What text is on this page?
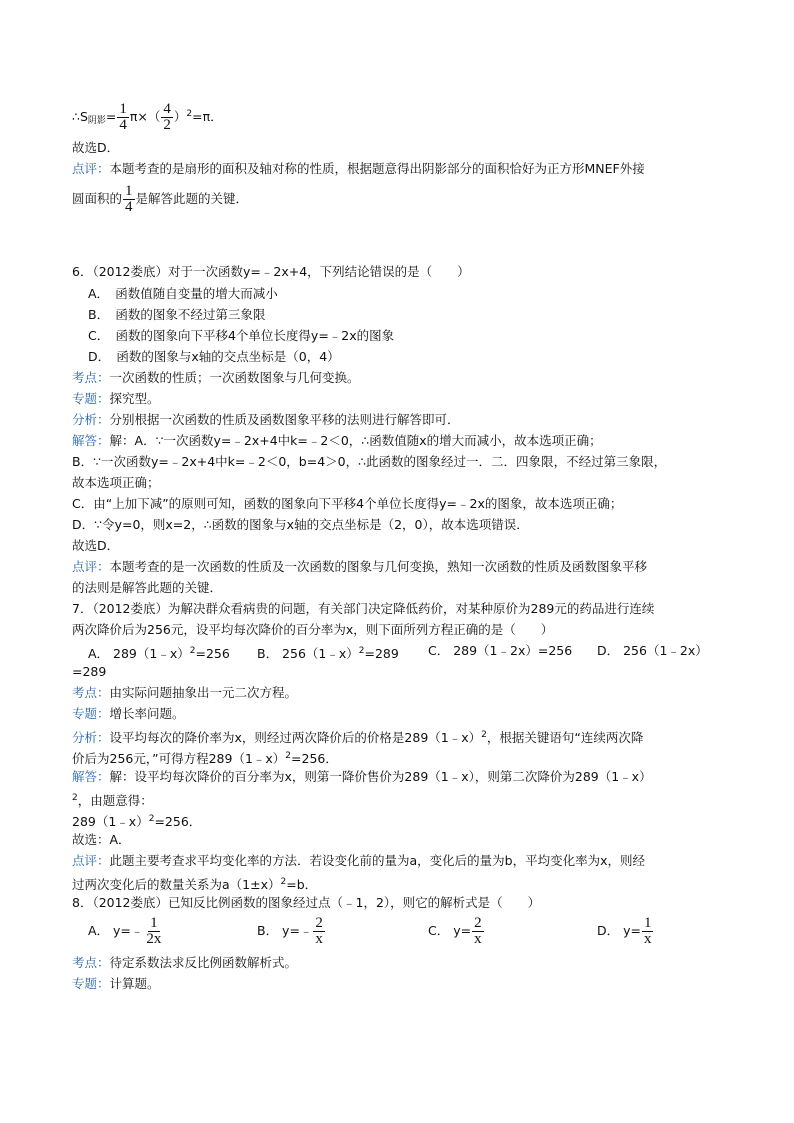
$\therefore S_{阴影}= \frac{1}{4} \pi\times( \frac{4}{2} )^2=\pi$．
故选D．
点评：本题考查的是扇形的面积及轴对称的性质，根据题意得出阴影部分的面积恰好为正方形MNEF外接
圆面积的 $\frac{1}{4}$ 是解答此题的关键．
6．（2012娄底）对于一次函数y=﹣2x+4，下列结论错误的是（　　）
A．　函数值随自变量的增大而减小
B．　函数的图象不经过第三象限
C．　函数的图象向下平移4个单位长度得y=﹣2x的图象
D．　函数的图象与x轴的交点坐标是（0，4）
考点：一次函数的性质；一次函数图象与几何变换。
专题：探究型。
分析：分别根据一次函数的性质及函数图象平移的法则进行解答即可．
解答：解：A．∵一次函数y=﹣2x+4中k=﹣2＜0，∴函数值随x的增大而减小，故本选项正确；
B．∵一次函数y=﹣2x+4中k=﹣2＜0，b=4＞0，∴此函数的图象经过一．二．四象限，不经过第三象限，
故本选项正确；
C．由“上加下减”的原则可知，函数的图象向下平移4个单位长度得y=﹣2x的图象，故本选项正确；
D．∵令y=0，则x=2，∴函数的图象与x轴的交点坐标是（2，0），故本选项错误．
故选D．
点评：本题考查的是一次函数的性质及一次函数的图象与几何变换，熟知一次函数的性质及函数图象平移
的法则是解答此题的关键．
7．（2012娄底）为解决群众看病贵的问题，有关部门决定降低药价，对某种原价为289元的药品进行连续
两次降价后为256元，设平均每次降价的百分率为x，则下面所列方程正确的是（　　）
A． 289（1﹣x）$^2$=256 B． 256（1﹣x）$^2$=289 C． 289（1﹣2x）=256 D． 256（1﹣2x）
=289
考点：由实际问题抽象出一元二次方程。
专题：增长率问题。
分析：设平均每次的降价率为x，则经过两次降价后的价格是289（1﹣x）$^2$，根据关键语句“连续两次降
价后为256元，”可得方程289（1﹣x）$^2$=256．
解答：解：设平均每次降价的百分率为x，则第一降价售价为289（1﹣x），则第二次降价为289（1﹣x）
$^2$，由题意得：
289（1﹣x）$^2$=256．
故选：A．
点评：此题主要考查求平均变化率的方法．若设变化前的量为a，变化后的量为b，平均变化率为x，则经
过两次变化后的数量关系为$a(1\pm x)^2=b$．
8．（2012娄底）已知反比例函数的图象经过点（﹣1，2），则它的解析式是（　　）
A． y=﹣ $\frac{1}{2x}$	B． y=﹣ $\frac{2}{x}$	C． $y= \frac{2}{x}$	D． $y= \frac{1}{x}$
考点：待定系数法求反比例函数解析式。
专题：计算题。
